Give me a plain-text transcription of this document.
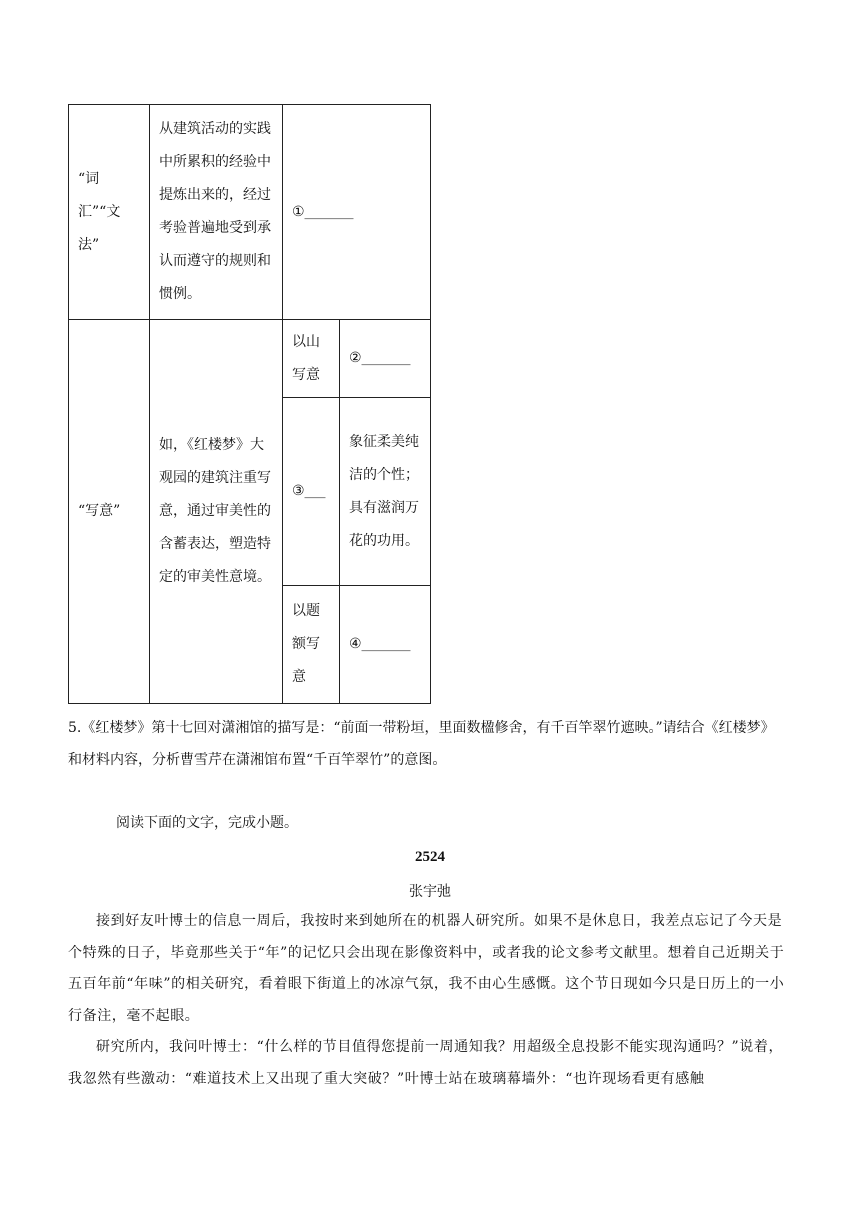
“词汇”“文法”	从建筑活动的实践中所累积的经验中提炼出来的，经过考验普遍地受到承认而遵守的规则和惯例。	①_______	
“写意”	如，《红楼梦》大观园的建筑注重写意，通过审美性的含蓄表达，塑造特定的审美性意境。	以山写意	②_______
		③___	象征柔美纯洁的个性；具有滋润万花的功用。
		以题额写意	④_______
5.《红楼梦》第十七回对潇湘馆的描写是：“前面一带粉垣，里面数楹修舍，有千百竿翠竹遮映。”请结合《红楼梦》和材料内容，分析曹雪芹在潇湘馆布置“千百竿翠竹”的意图。
阅读下面的文字，完成小题。
2524
张宇弛

接到好友叶博士的信息一周后，我按时来到她所在的机器人研究所。如果不是休息日，我差点忘记了今天是个特殊的日子，毕竟那些关于“年”的记忆只会出现在影像资料中，或者我的论文参考文献里。想着自己近期关于五百年前“年味”的相关研究，看着眼下街道上的冰凉气氛，我不由心生感慨。这个节日现如今只是日历上的一小行备注，毫不起眼。

研究所内，我问叶博士：“什么样的节目值得您提前一周通知我？用超级全息投影不能实现沟通吗？”说着，我忽然有些激动：“难道技术上又出现了重大突破？”叶博士站在玻璃幕墙外：“也许现场看更有感触
